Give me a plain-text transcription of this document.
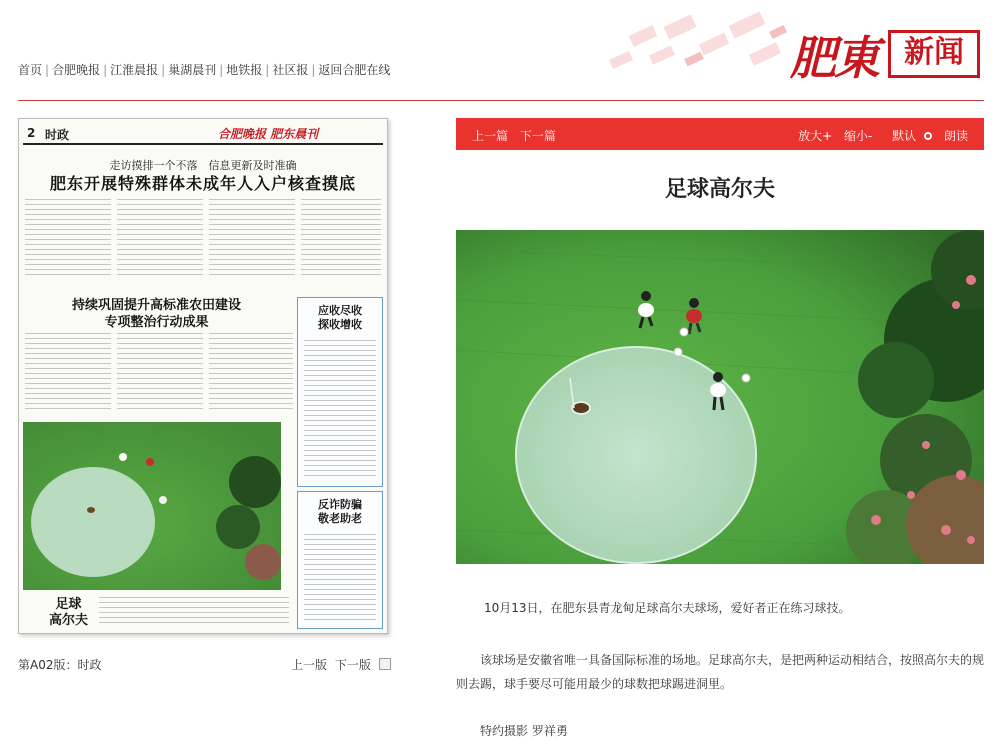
首页 | 合肥晚报 | 江淮晨报 | 巢湖晨刊 | 地铁报 | 社区报 | 返回合肥在线	肥東 新闻
2 时政	合肥晚报 肥东晨刊
走访摸排一个不落　信息更新及时准确
肥东开展特殊群体未成年人入户核查摸底
持续巩固提升高标准农田建设
专项整治行动成果
应收尽收
探收增收
反诈防骗
敬老助老
足球
高尔夫
第A02版：时政	上一版 下一版
上一篇 下一篇	放大+ 缩小- 默认 朗读
足球高尔夫

10月13日，在肥东县青龙甸足球高尔夫球场，爱好者正在练习球技。

该球场是安徽省唯一具备国际标准的场地。足球高尔夫，是把两种运动相结合，按照高尔夫的规则去踢，球手要尽可能用最少的球数把球踢进洞里。

特约摄影 罗祥勇
